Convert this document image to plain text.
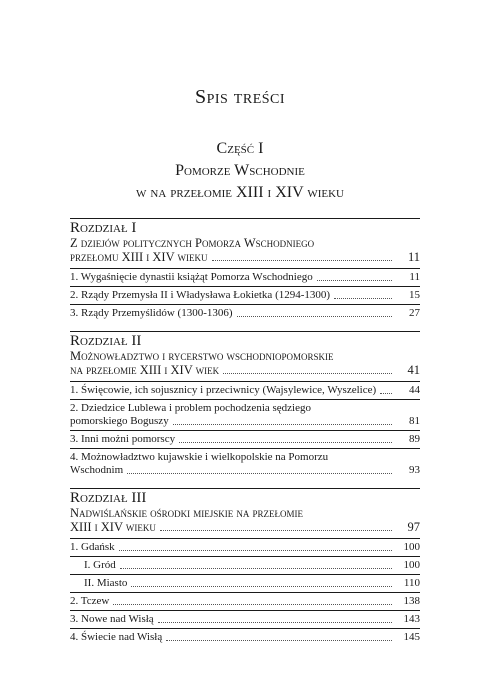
Spis treści
Część I
Pomorze Wschodnie
w na przełomie XIII i XIV wieku
Rozdział I
Z dziejów politycznych Pomorza Wschodniego
przełomu XIII i XIV wieku	11
1. Wygaśnięcie dynastii książąt Pomorza Wschodniego	11
2. Rządy Przemysła II i Władysława Łokietka (1294-1300)	15
3. Rządy Przemyślidów (1300-1306)	27
Rozdział II
Możnowładztwo i rycerstwo wschodniopomorskie
na przełomie XIII i XIV wiek	41
1. Święcowie, ich sojusznicy i przeciwnicy (Wajsylewice, Wyszelice)	44
2. Dziedzice Lublewa i problem pochodzenia sędziego
pomorskiego Boguszy	81
3. Inni możni pomorscy	89
4. Możnowładztwo kujawskie i wielkopolskie na Pomorzu
Wschodnim	93
Rozdział III
Nadwiślańskie ośrodki miejskie na przełomie
XIII i XIV wieku	97
1. Gdańsk	100
I. Gród	100
II. Miasto	110
2. Tczew	138
3. Nowe nad Wisłą	143
4. Świecie nad Wisłą	145
